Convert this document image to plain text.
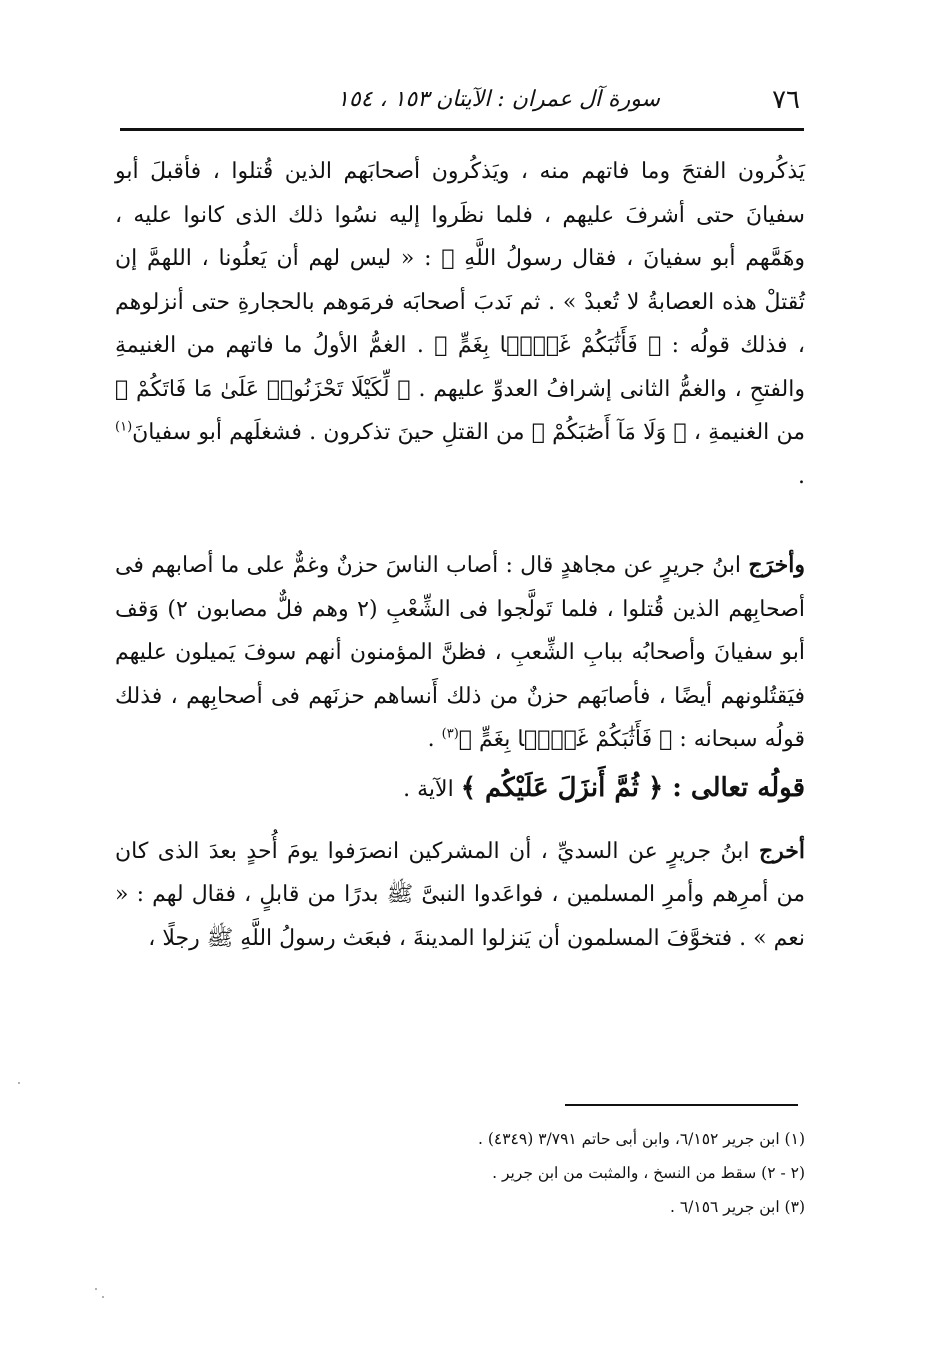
٧٦
سورة آل عمران : الآيتان ١٥٣ ، ١٥٤

يَذكُرون الفتحَ وما فاتهم منه ، ويَذكُرون أصحابَهم الذين قُتلوا ، فأقبلَ أبو سفيانَ حتى أشرفَ عليهم ، فلما نظَروا إليه نسُوا ذلك الذى كانوا عليه ، وهَمَّهم أبو سفيانَ ، فقال رسولُ اللَّهِ ﷺ : « ليس لهم أن يَعلُونا ، اللهمَّ إن تُقتلْ هذه العصابةُ لا تُعبدْ » . ثم نَدبَ أصحابَه فرمَوهم بالحجارةِ حتى أنزلوهم ، فذلك قولُه : ﴿ فَأَثَٰبَكُمْ غَمَّۢا بِغَمٍّ ﴾ . الغمُّ الأولُ ما فاتهم من الغنيمةِ والفتحِ ، والغمُّ الثانى إشرافُ العدوِّ عليهم . ﴿ لِّكَيْلَا تَحْزَنُوا۟ عَلَىٰ مَا فَاتَكُمْ ﴾ من الغنيمةِ ، ﴿ وَلَا مَآ أَصَٰبَكُمْ ﴾ من القتلِ حينَ تذكرون . فشغلَهم أبو سفيانَ$^{(١)}$ .

وأخرَج ابنُ جريرٍ عن مجاهدٍ قال : أصاب الناسَ حزنٌ وغمٌّ على ما أصابهم فى أصحابِهم الذين قُتلوا ، فلما تَولَّجوا فى الشِّعْبِ (٢ وهم فلٌّ مصابون ٢) وَقف أبو سفيانَ وأصحابُه ببابِ الشِّعبِ ، فظنَّ المؤمنون أنهم سوفَ يَميلون عليهم فيَقتُلونهم أيضًا ، فأصابَهم حزنٌ من ذلك أَنساهم حزنَهم فى أصحابِهم ، فذلك قولُه سبحانه : ﴿ فَأَثَٰبَكُمْ غَمَّۢا بِغَمٍّ ﴾$^{(٣)}$ .

قولُه تعالى : ﴿ ثُمَّ أَنزَلَ عَلَيْكُم ﴾ الآية .

أخرج ابنُ جريرٍ عن السديِّ ، أن المشركين انصرَفوا يومَ أُحدٍ بعدَ الذى كان من أمرِهم وأمرِ المسلمين ، فواعَدوا النبىَّ ﷺ بدرًا من قابلٍ ، فقال لهم : « نعم » . فتخوَّفَ المسلمون أن يَنزلوا المدينةَ ، فبعَث رسولُ اللَّهِ ﷺ رجلًا ،

(١) ابن جرير ٦/١٥٢، وابن أبى حاتم ٣/٧٩١ (٤٣٤٩) .

(٢ - ٢) سقط من النسخ ، والمثبت من ابن جرير .

(٣) ابن جرير ٦/١٥٦ .
